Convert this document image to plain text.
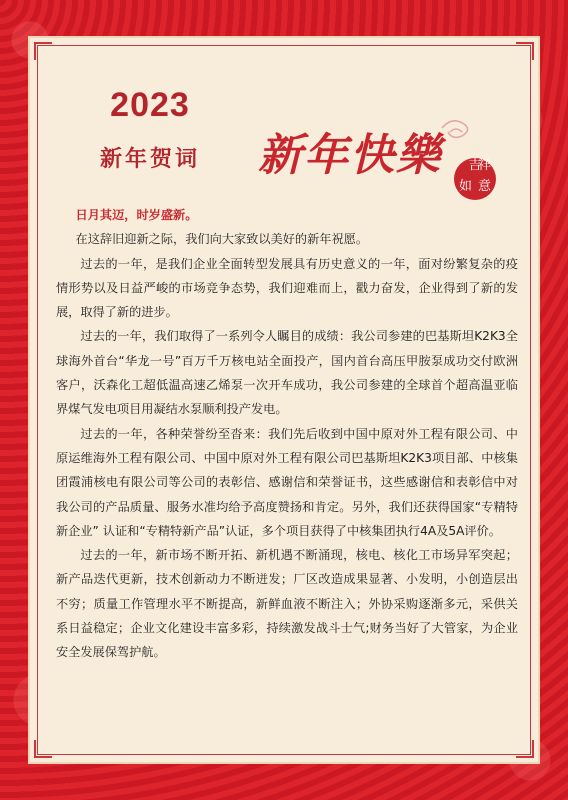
2023
新年贺词	新年快樂	吉
祥
如 意

日月其迈，时岁盛新。

在这辞旧迎新之际，我们向大家致以美好的新年祝愿。

过去的一年，是我们企业全面转型发展具有历史意义的一年，面对纷繁复杂的疫情形势以及日益严峻的市场竞争态势，我们迎难而上，戳力奋发，企业得到了新的发展，取得了新的进步。

过去的一年，我们取得了一系列令人瞩目的成绩：我公司参建的巴基斯坦K2K3全球海外首台“华龙一号”百万千万核电站全面投产，国内首台高压甲胺泵成功交付欧洲客户，沃森化工超低温高速乙烯泵一次开车成功，我公司参建的全球首个超高温亚临界煤气发电项目用凝结水泵顺利投产发电。

过去的一年，各种荣誉纷至沓来：我们先后收到中国中原对外工程有限公司、中原运维海外工程有限公司、中国中原对外工程有限公司巴基斯坦K2K3项目部、中核集团霞浦核电有限公司等公司的表彰信、感谢信和荣誉证书，这些感谢信和表彰信中对我公司的产品质量、服务水准均给予高度赞扬和肯定。另外，我们还获得国家“专精特新企业” 认证和“专精特新产品”认证，多个项目获得了中核集团执行4A及5A评价。

过去的一年，新市场不断开拓、新机遇不断涌现，核电、核化工市场异军突起；新产品迭代更新，技术创新动力不断迸发；厂区改造成果显著、小发明，小创造层出不穷；质量工作管理水平不断提高，新鲜血液不断注入；外协采购逐渐多元，采供关系日益稳定；企业文化建设丰富多彩，持续激发战斗士气;财务当好了大管家，为企业安全发展保驾护航。
